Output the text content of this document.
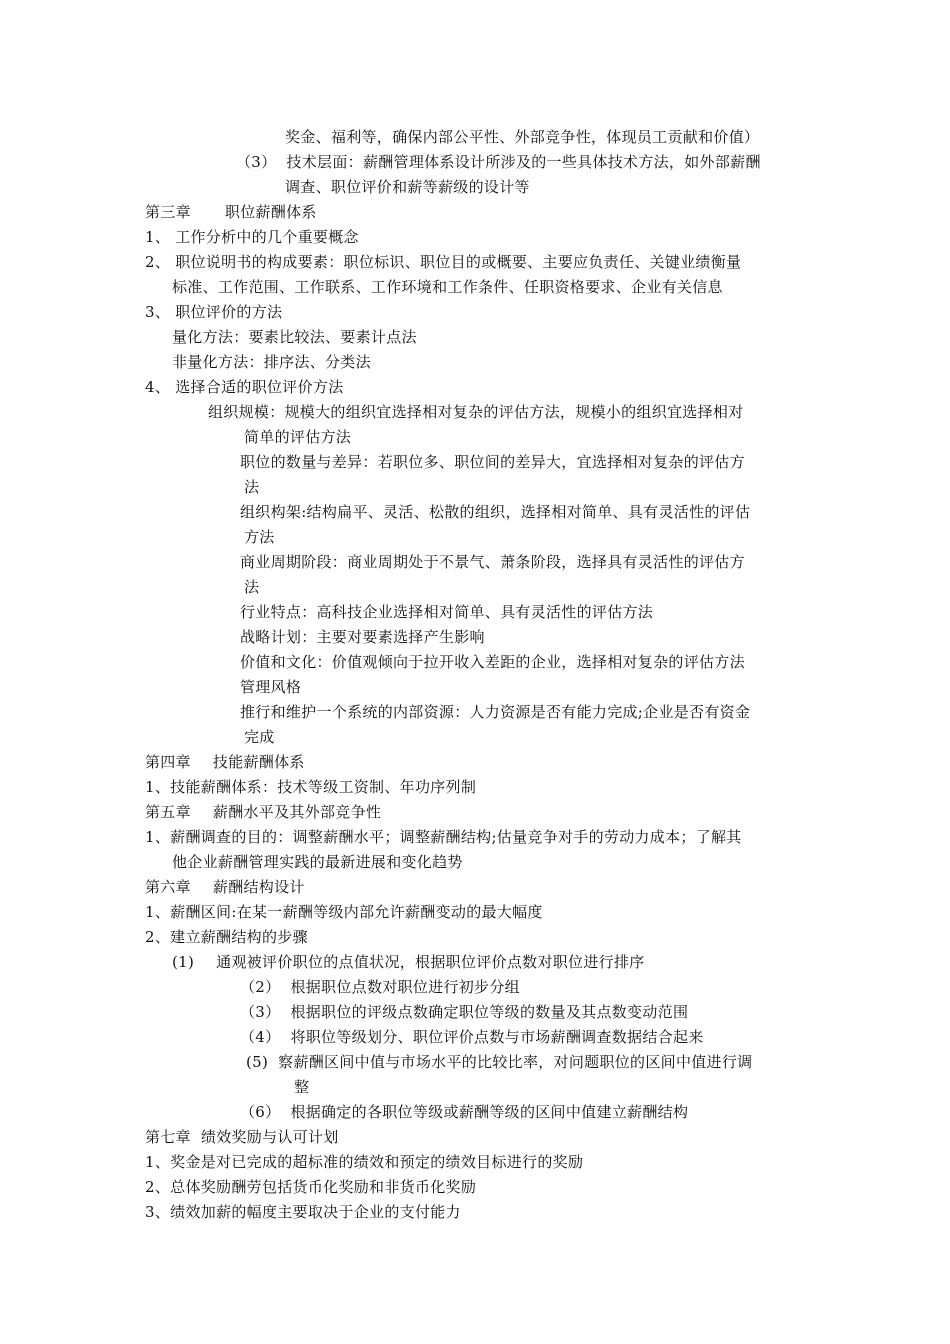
奖金、福利等，确保内部公平性、外部竞争性，体现员工贡献和价值）
（3） 技术层面：薪酬管理体系设计所涉及的一些具体技术方法，如外部薪酬
调查、职位评价和薪等薪级的设计等
第三章 职位薪酬体系
1、 工作分析中的几个重要概念
2、 职位说明书的构成要素：职位标识、职位目的或概要、主要应负责任、关键业绩衡量
标准、工作范围、工作联系、工作环境和工作条件、任职资格要求、企业有关信息
3、 职位评价的方法
量化方法：要素比较法、要素计点法
非量化方法：排序法、分类法
4、 选择合适的职位评价方法
组织规模：规模大的组织宜选择相对复杂的评估方法，规模小的组织宜选择相对
简单的评估方法
职位的数量与差异：若职位多、职位间的差异大，宜选择相对复杂的评估方
法
组织构架:结构扁平、灵活、松散的组织，选择相对简单、具有灵活性的评估
方法
商业周期阶段：商业周期处于不景气、萧条阶段，选择具有灵活性的评估方
法
行业特点：高科技企业选择相对简单、具有灵活性的评估方法
战略计划：主要对要素选择产生影响
价值和文化：价值观倾向于拉开收入差距的企业，选择相对复杂的评估方法
管理风格
推行和维护一个系统的内部资源：人力资源是否有能力完成;企业是否有资金
完成
第四章 技能薪酬体系
1、技能薪酬体系：技术等级工资制、年功序列制
第五章 薪酬水平及其外部竞争性
1、薪酬调查的目的：调整薪酬水平；调整薪酬结构;估量竞争对手的劳动力成本；了解其
他企业薪酬管理实践的最新进展和变化趋势
第六章 薪酬结构设计
1、薪酬区间:在某一薪酬等级内部允许薪酬变动的最大幅度
2、建立薪酬结构的步骤
(1) 通观被评价职位的点值状况，根据职位评价点数对职位进行排序
（2） 根据职位点数对职位进行初步分组
（3） 根据职位的评级点数确定职位等级的数量及其点数变动范围
（4） 将职位等级划分、职位评价点数与市场薪酬调查数据结合起来
(5) 察薪酬区间中值与市场水平的比较比率，对问题职位的区间中值进行调
整
（6） 根据确定的各职位等级或薪酬等级的区间中值建立薪酬结构
第七章 绩效奖励与认可计划
1、奖金是对已完成的超标准的绩效和预定的绩效目标进行的奖励
2、总体奖励酬劳包括货币化奖励和非货币化奖励
3、绩效加薪的幅度主要取决于企业的支付能力
